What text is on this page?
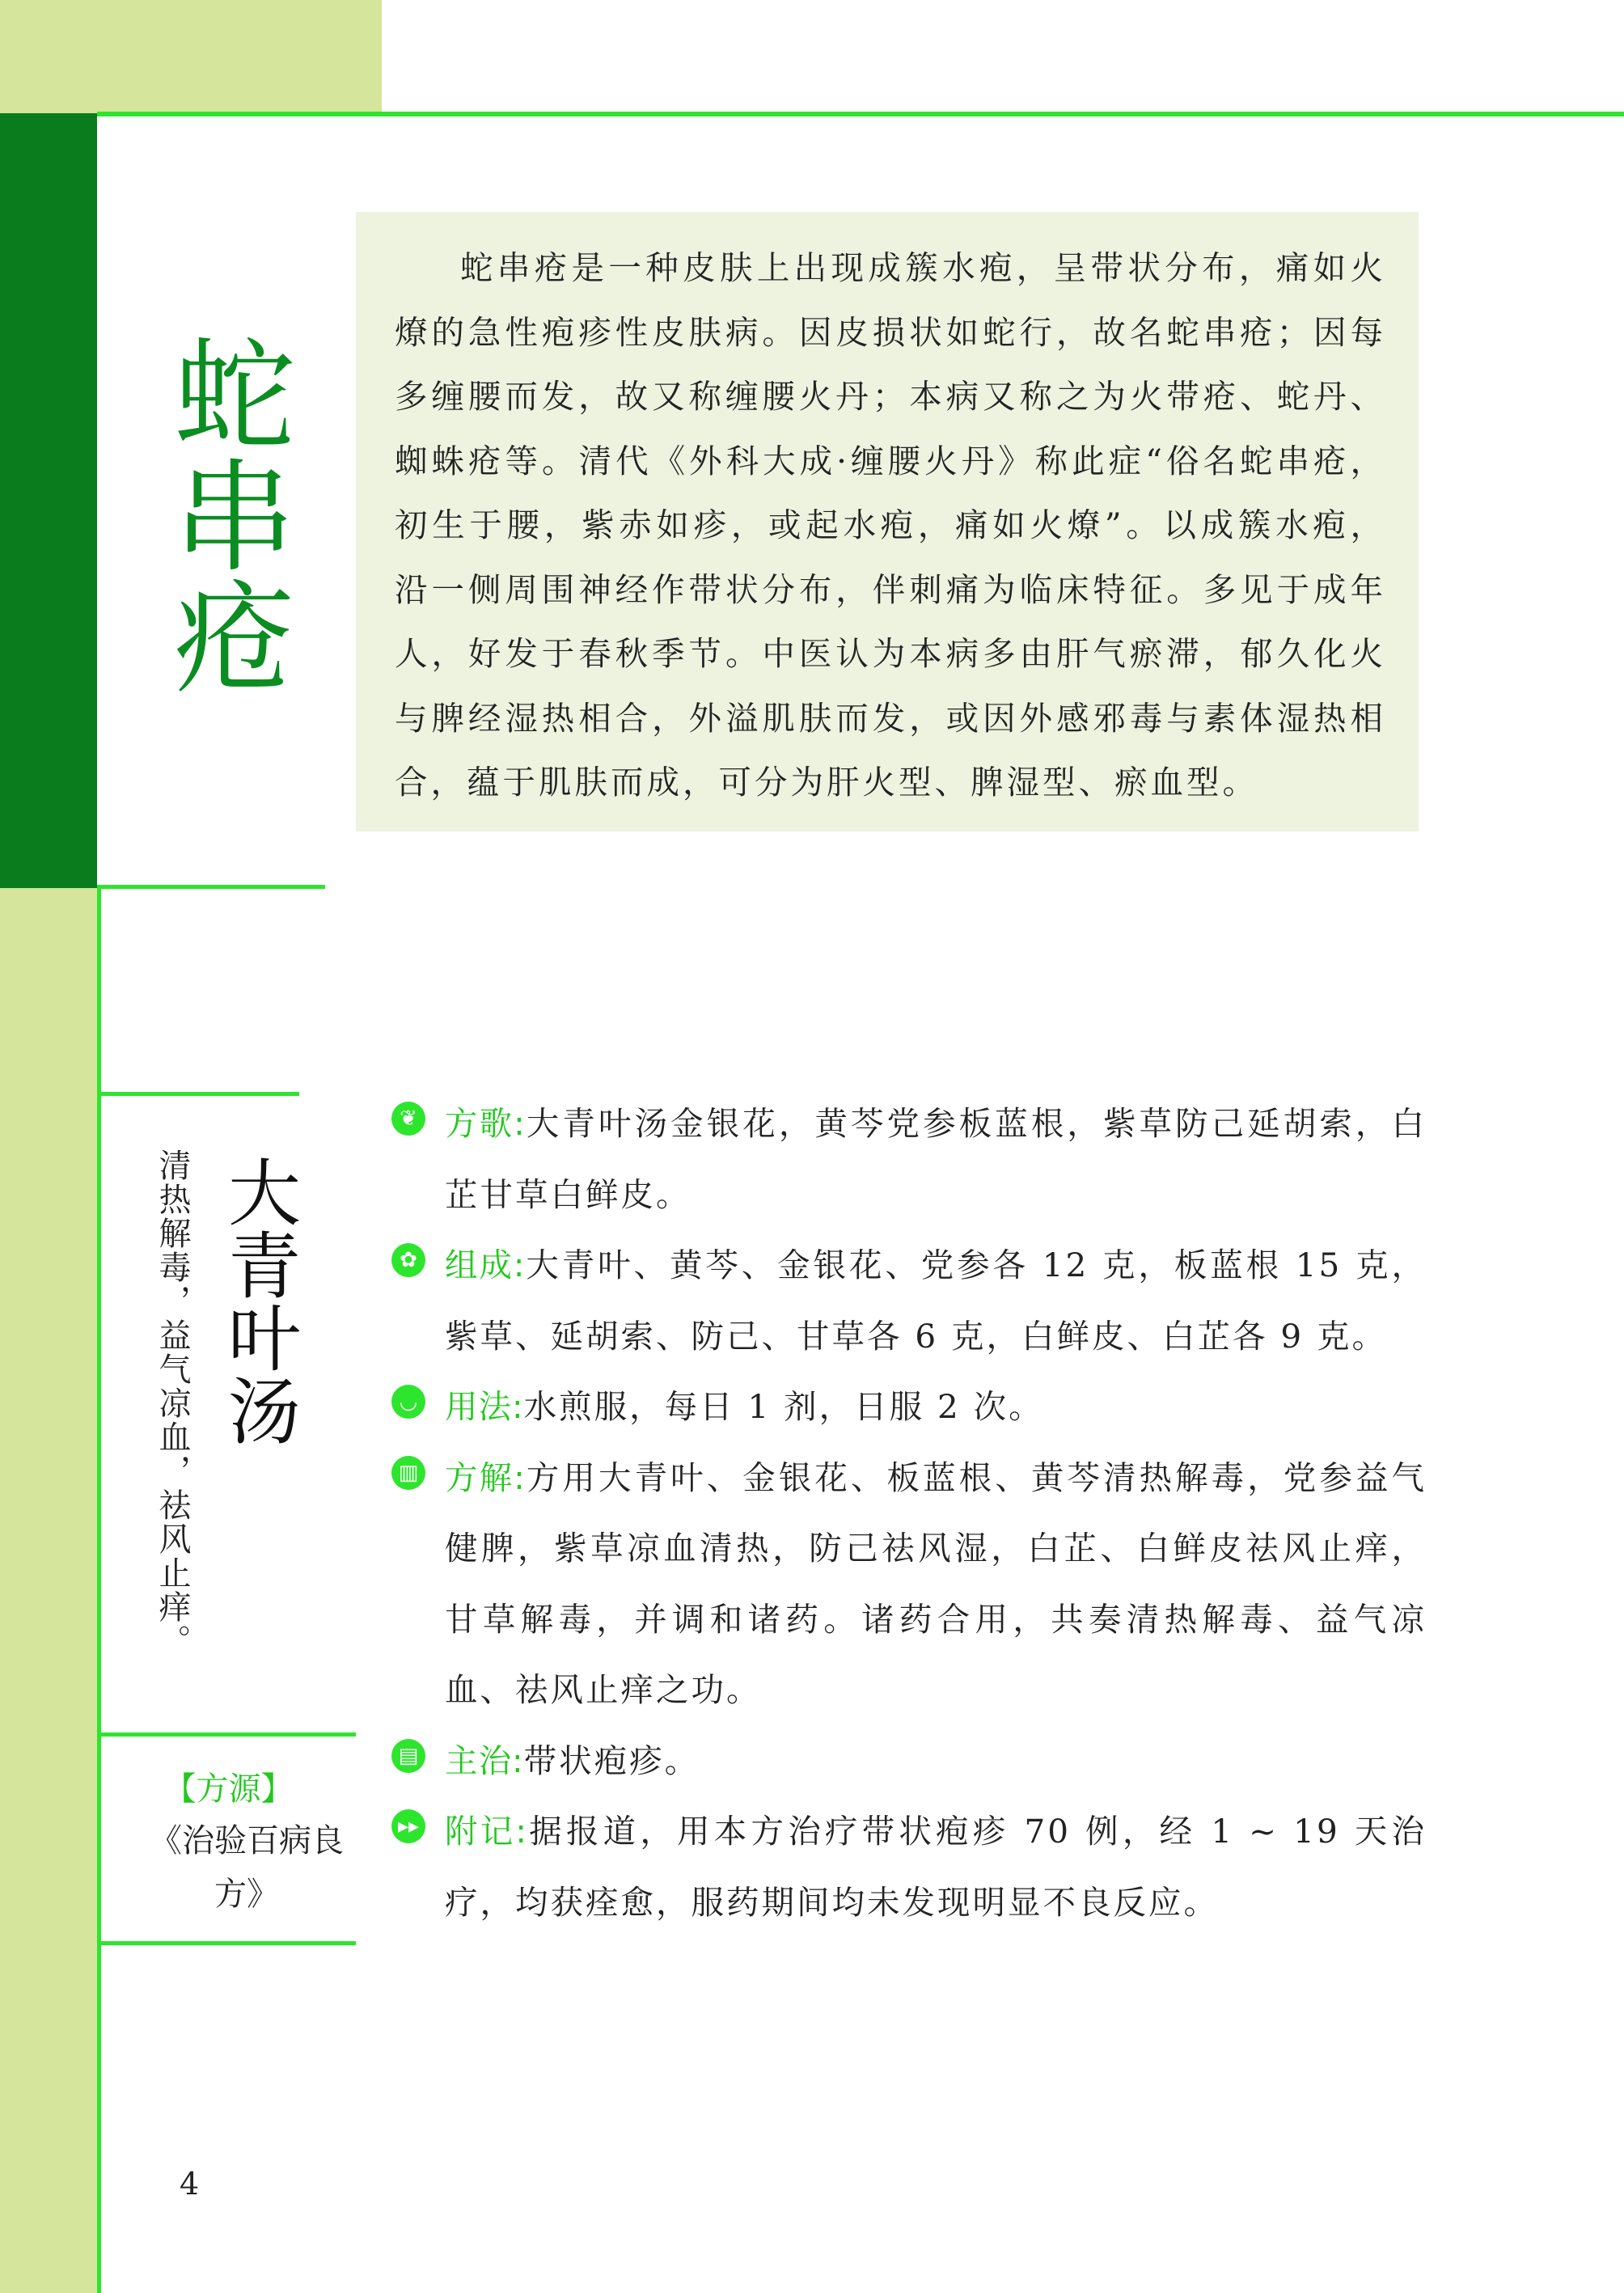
蛇串疮

蛇串疮是一种皮肤上出现成簇水疱，呈带状分布，痛如火燎的急性疱疹性皮肤病。因皮损状如蛇行，故名蛇串疮；因每多缠腰而发，故又称缠腰火丹；本病又称之为火带疮、蛇丹、蜘蛛疮等。清代《外科大成·缠腰火丹》称此症“俗名蛇串疮，初生于腰，紫赤如疹，或起水疱，痛如火燎”。以成簇水疱，沿一侧周围神经作带状分布，伴刺痛为临床特征。多见于成年人，好发于春秋季节。中医认为本病多由肝气瘀滞，郁久化火与脾经湿热相合，外溢肌肤而发，或因外感邪毒与素体湿热相合，蕴于肌肤而成，可分为肝火型、脾湿型、瘀血型。

大青叶汤
清热解毒，益气凉血，祛风止痒。
【方源】
《治验百病良方》
❦ 方歌:大青叶汤金银花，黄芩党参板蓝根，紫草防己延胡索，白芷甘草白鲜皮。

✿ 组成:大青叶、黄芩、金银花、党参各 12 克，板蓝根 15 克，紫草、延胡索、防己、甘草各 6 克，白鲜皮、白芷各 9 克。

◡ 用法:水煎服，每日 1 剂，日服 2 次。

▥ 方解:方用大青叶、金银花、板蓝根、黄芩清热解毒，党参益气健脾，紫草凉血清热，防己祛风湿，白芷、白鲜皮祛风止痒，甘草解毒，并调和诸药。诸药合用，共奏清热解毒、益气凉血、祛风止痒之功。

▤ 主治:带状疱疹。

▸▸ 附记:据报道，用本方治疗带状疱疹 70 例，经 1 ~ 19 天治疗，均获痊愈，服药期间均未发现明显不良反应。

4
